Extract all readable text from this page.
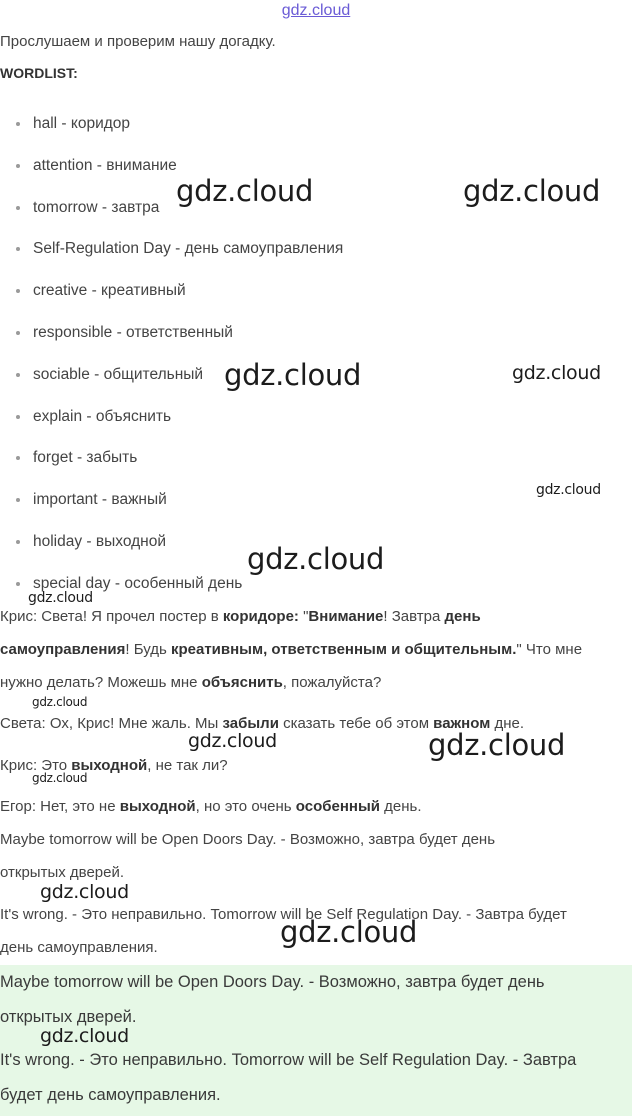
gdz.cloud
Прослушаем и проверим нашу догадку.
WORDLIST:
hall - коридор
attention - внимание
tomorrow - завтра
Self-Regulation Day - день самоуправления
creative - креативный
responsible - ответственный
sociable - общительный
explain - объяснить
forget - забыть
important - важный
holiday - выходной
special day - особенный день
Крис: Света! Я прочел постер в коридоре: "Внимание! Завтра день
самоуправления! Будь креативным, ответственным и общительным." Что мне
нужно делать? Можешь мне объяснить, пожалуйста?
Света: Ох, Крис! Мне жаль. Мы забыли сказать тебе об этом важном дне.
Крис: Это выходной, не так ли?
Егор: Нет, это не выходной, но это очень особенный день.
Maybe tomorrow will be Open Doors Day. - Возможно, завтра будет день
открытых дверей.
It's wrong. - Это неправильно. Tomorrow will be Self Regulation Day. - Завтра будет
день самоуправления.

Maybe tomorrow will be Open Doors Day. - Возможно, завтра будет день

открытых дверей.

It's wrong. - Это неправильно. Tomorrow will be Self Regulation Day. - Завтра

будет день самоуправления.

gdz.cloud	gdz.cloud
gdz.cloud	gdz.cloud
gdz.cloud
gdz.cloud
gdz.cloud
gdz.cloud
gdz.cloud	gdz.cloud
gdz.cloud
gdz.cloud
gdz.cloud
gdz.cloud
